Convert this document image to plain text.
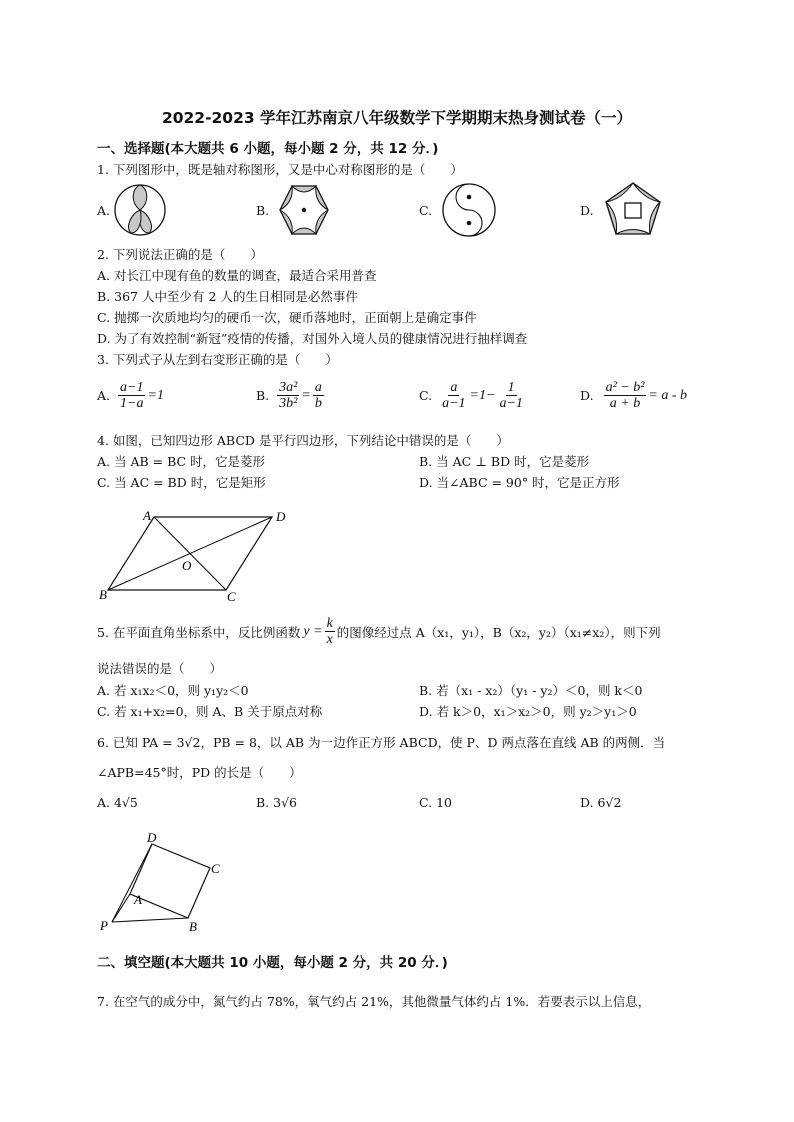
2022-2023 学年江苏南京八年级数学下学期期末热身测试卷（一）
一、选择题(本大题共 6 小题，每小题 2 分，共 12 分．)
1. 下列图形中，既是轴对称图形，又是中心对称图形的是（　　）
A.	B.	C.	D.
2. 下列说法正确的是（　　）
A. 对长江中现有鱼的数量的调查，最适合采用普查
B. 367 人中至少有 2 人的生日相同是必然事件
C. 抛掷一次质地均匀的硬币一次，硬币落地时，正面朝上是确定事件
D. 为了有效控制“新冠”疫情的传播，对国外入境人员的健康情况进行抽样调查
3. 下列式子从左到右变形正确的是（　　）
A. $\frac{a-1}{1-a} =1$	B. $\frac{\text{3a²}}{\text{3b²}} = \frac{a}{b}$	C. $\frac{a}{a-1} =1- \frac{1}{a-1}$	D. $\frac{\text{a² − b²}}{a + b} = a - b$
4. 如图，已知四边形 ABCD 是平行四边形，下列结论中错误的是（　　）
A. 当 AB = BC 时，它是菱形	B. 当 AC ⊥ BD 时，它是菱形
C. 当 AC = BD 时，它是矩形	D. 当∠ABC = 90° 时，它是正方形
A	D
B	C
O
5. 在平面直角坐标系中，反比例函数 $y = \frac{k}{x}$ 的图像经过点 A（x₁，y₁），B（x₂，y₂）（x₁≠x₂），则下列
说法错误的是（　　）
A. 若 x₁x₂＜0，则 y₁y₂＜0	B. 若（x₁ - x₂）（y₁ - y₂）＜0，则 k＜0
C. 若 x₁+x₂=0，则 A、B 关于原点对称	D. 若 k＞0，x₁＞x₂＞0，则 y₂＞y₁＞0
6. 已知 PA = 3√2，PB = 8，以 AB 为一边作正方形 ABCD，使 P、D 两点落在直线 AB 的两侧．当
∠APB=45°时，PD 的长是（　　）
A. 4√5	B. 3√6	C. 10	D. 6√2
D
C
A
P	B
二、填空题(本大题共 10 小题，每小题 2 分，共 20 分．)
7. 在空气的成分中，氮气约占 78%，氧气约占 21%，其他微量气体约占 1%．若要表示以上信息，
